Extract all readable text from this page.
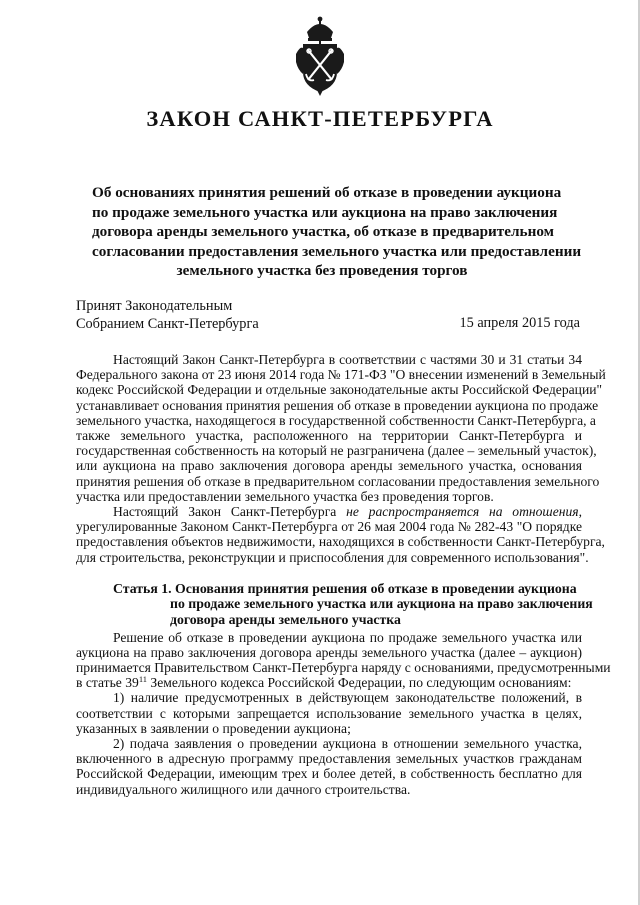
ЗАКОН САНКТ-ПЕТЕРБУРГА
Об основаниях принятия решений об отказе в проведении аукциона
по продаже земельного участка или аукциона на право заключения
договора аренды земельного участка, об отказе в предварительном
согласовании предоставления земельного участка или предоставлении
земельного участка без проведения торгов
Принят Законодательным
Собранием Санкт-Петербурга	15 апреля 2015 года
Настоящий Закон Санкт-Петербурга в соответствии с частями 30 и 31 статьи 34
Федерального закона от 23 июня 2014 года № 171-ФЗ "О внесении изменений в Земельный
кодекс Российской Федерации и отдельные законодательные акты Российской Федерации"
устанавливает основания принятия решения об отказе в проведении аукциона по продаже
земельного участка, находящегося в государственной собственности Санкт-Петербурга, а
также земельного участка, расположенного на территории Санкт-Петербурга и
государственная собственность на который не разграничена (далее – земельный участок),
или аукциона на право заключения договора аренды земельного участка, основания
принятия решения об отказе в предварительном согласовании предоставления земельного
участка или предоставлении земельного участка без проведения торгов.
Настоящий Закон Санкт-Петербурга не распространяется на отношения,
урегулированные Законом Санкт-Петербурга от 26 мая 2004 года № 282-43 "О порядке
предоставления объектов недвижимости, находящихся в собственности Санкт-Петербурга,
для строительства, реконструкции и приспособления для современного использования".
Статья 1. Основания принятия решения об отказе в проведении аукциона
по продаже земельного участка или аукциона на право заключения
договора аренды земельного участка
Решение об отказе в проведении аукциона по продаже земельного участка или
аукциона на право заключения договора аренды земельного участка (далее – аукцион)
принимается Правительством Санкт-Петербурга наряду с основаниями, предусмотренными
в статье $39^{11}$ Земельного кодекса Российской Федерации, по следующим основаниям:
1) наличие предусмотренных в действующем законодательстве положений, в
соответствии с которыми запрещается использование земельного участка в целях,
указанных в заявлении о проведении аукциона;
2) подача заявления о проведении аукциона в отношении земельного участка,
включенного в адресную программу предоставления земельных участков гражданам
Российской Федерации, имеющим трех и более детей, в собственность бесплатно для
индивидуального жилищного или дачного строительства.
